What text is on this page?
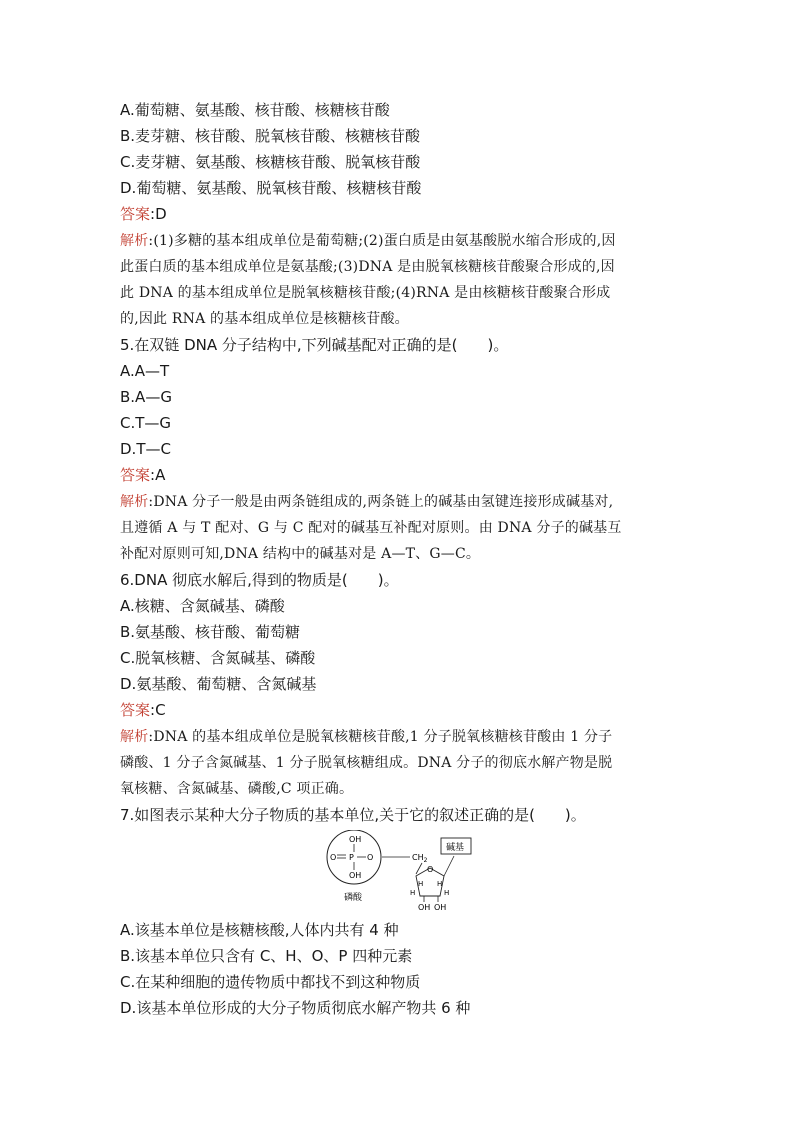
A.葡萄糖、氨基酸、核苷酸、核糖核苷酸
B.麦芽糖、核苷酸、脱氧核苷酸、核糖核苷酸
C.麦芽糖、氨基酸、核糖核苷酸、脱氧核苷酸
D.葡萄糖、氨基酸、脱氧核苷酸、核糖核苷酸
答案:D
解析:(1)多糖的基本组成单位是葡萄糖;(2)蛋白质是由氨基酸脱水缩合形成的,因
此蛋白质的基本组成单位是氨基酸;(3)DNA 是由脱氧核糖核苷酸聚合形成的,因
此 DNA 的基本组成单位是脱氧核糖核苷酸;(4)RNA 是由核糖核苷酸聚合形成
的,因此 RNA 的基本组成单位是核糖核苷酸。
5.在双链 DNA 分子结构中,下列碱基配对正确的是(　　)。
A.A—T
B.A—G
C.T—G
D.T—C
答案:A
解析:DNA 分子一般是由两条链组成的,两条链上的碱基由氢键连接形成碱基对,
且遵循 A 与 T 配对、G 与 C 配对的碱基互补配对原则。由 DNA 分子的碱基互
补配对原则可知,DNA 结构中的碱基对是 A—T、G—C。
6.DNA 彻底水解后,得到的物质是(　　)。
A.核糖、含氮碱基、磷酸
B.氨基酸、核苷酸、葡萄糖
C.脱氧核糖、含氮碱基、磷酸
D.氨基酸、葡萄糖、含氮碱基
答案:C
解析:DNA 的基本组成单位是脱氧核糖核苷酸,1 分子脱氧核糖核苷酸由 1 分子
磷酸、1 分子含氮碱基、1 分子脱氧核糖组成。DNA 分子的彻底水解产物是脱
氧核糖、含氮碱基、磷酸,C 项正确。
7.如图表示某种大分子物质的基本单位,关于它的叙述正确的是(　　)。
OH
O P O
OH
磷酸
$CH_2$
O
H H
H	H
OH OH
碱基
A.该基本单位是核糖核酸,人体内共有 4 种
B.该基本单位只含有 C、H、O、P 四种元素
C.在某种细胞的遗传物质中都找不到这种物质
D.该基本单位形成的大分子物质彻底水解产物共 6 种
